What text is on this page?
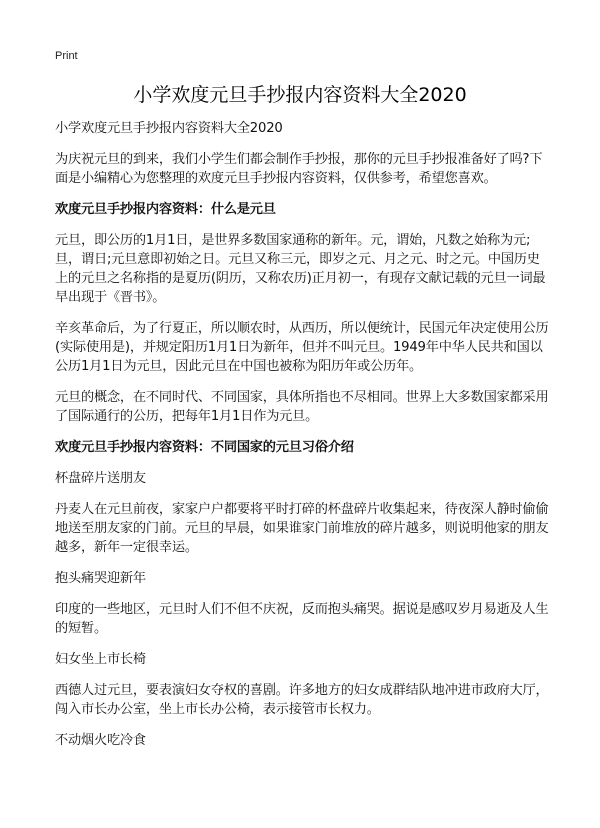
Print
小学欢度元旦手抄报内容资料大全2020

小学欢度元旦手抄报内容资料大全2020

为庆祝元旦的到来，我们小学生们都会制作手抄报，那你的元旦手抄报准备好了吗?下面是小编精心为您整理的欢度元旦手抄报内容资料，仅供参考，希望您喜欢。

欢度元旦手抄报内容资料：什么是元旦

元旦，即公历的1月1日，是世界多数国家通称的新年。元，谓始，凡数之始称为元;旦，谓日;元旦意即初始之日。元旦又称三元，即岁之元、月之元、时之元。中国历史上的元旦之名称指的是夏历(阴历，又称农历)正月初一，有现存文献记载的元旦一词最早出现于《晋书》。

辛亥革命后，为了行夏正，所以顺农时，从西历，所以便统计，民国元年决定使用公历(实际使用是)，并规定阳历1月1日为新年，但并不叫元旦。1949年中华人民共和国以公历1月1日为元旦，因此元旦在中国也被称为阳历年或公历年。

元旦的概念，在不同时代、不同国家，具体所指也不尽相同。世界上大多数国家都采用了国际通行的公历，把每年1月1日作为元旦。

欢度元旦手抄报内容资料：不同国家的元旦习俗介绍

杯盘碎片送朋友

丹麦人在元旦前夜，家家户户都要将平时打碎的杯盘碎片收集起来，待夜深人静时偷偷地送至朋友家的门前。元旦的早晨，如果谁家门前堆放的碎片越多，则说明他家的朋友越多，新年一定很幸运。

抱头痛哭迎新年

印度的一些地区，元旦时人们不但不庆祝，反而抱头痛哭。据说是感叹岁月易逝及人生的短暂。

妇女坐上市长椅

西德人过元旦，要表演妇女夺权的喜剧。许多地方的妇女成群结队地冲进市政府大厅，闯入市长办公室，坐上市长办公椅，表示接管市长权力。

不动烟火吃冷食
